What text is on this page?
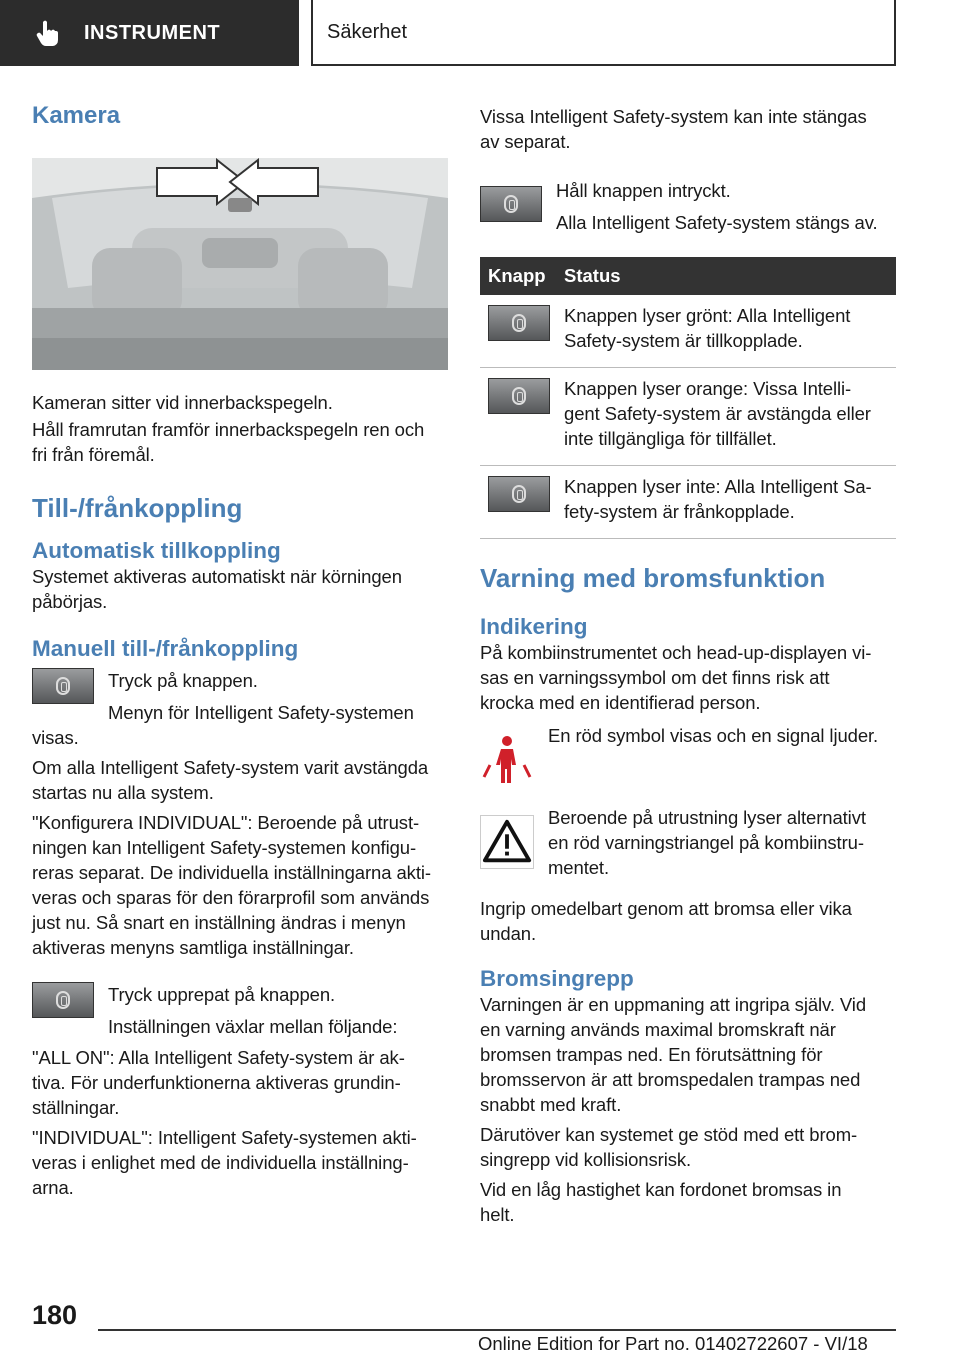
INSTRUMENT	Säkerhet
Kamera

Kameran sitter vid innerbackspegeln.

Håll framrutan framför innerbackspegeln ren och

fri från föremål.

Till-/frånkoppling
Automatisk tillkoppling

Systemet aktiveras automatiskt när körningen

påbörjas.

Manuell till-/frånkoppling

Tryck på knappen.

Menyn för Intelligent Safety-systemen

visas.

Om alla Intelligent Safety-system varit avstängda

startas nu alla system.

"Konfigurera INDIVIDUAL": Beroende på utrust-

ningen kan Intelligent Safety-systemen konfigu-

reras separat. De individuella inställningarna akti-

veras och sparas för den förarprofil som används

just nu. Så snart en inställning ändras i menyn

aktiveras menyns samtliga inställningar.

Tryck upprepat på knappen.

Inställningen växlar mellan följande:

"ALL ON": Alla Intelligent Safety-system är ak-

tiva. För underfunktionerna aktiveras grundin-

ställningar.

"INDIVIDUAL": Intelligent Safety-systemen akti-

veras i enlighet med de individuella inställning-

arna.

Vissa Intelligent Safety-system kan inte stängas

av separat.

Håll knappen intryckt.

Alla Intelligent Safety-system stängs av.

Knapp	Status

	Knappen lyser grönt: Alla Intelligent

Safety-system är tillkopplade.

	Knappen lyser orange: Vissa Intelli-

gent Safety-system är avstängda eller

inte tillgängliga för tillfället.

	Knappen lyser inte: Alla Intelligent Sa-

fety-system är frånkopplade.

Varning med bromsfunktion
Indikering

På kombiinstrumentet och head-up-displayen vi-

sas en varningssymbol om det finns risk att

krocka med en identifierad person.

En röd symbol visas och en signal ljuder.

Beroende på utrustning lyser alternativt

en röd varningstriangel på kombiinstru-

mentet.

Ingrip omedelbart genom att bromsa eller vika

undan.

Bromsingrepp

Varningen är en uppmaning att ingripa själv. Vid

en varning används maximal bromskraft när

bromsen trampas ned. En förutsättning för

bromsservon är att bromspedalen trampas ned

snabbt med kraft.

Därutöver kan systemet ge stöd med ett brom-

singrepp vid kollisionsrisk.

Vid en låg hastighet kan fordonet bromsas in

helt.

180
Online Edition for Part no. 01402722607 - VI/18
